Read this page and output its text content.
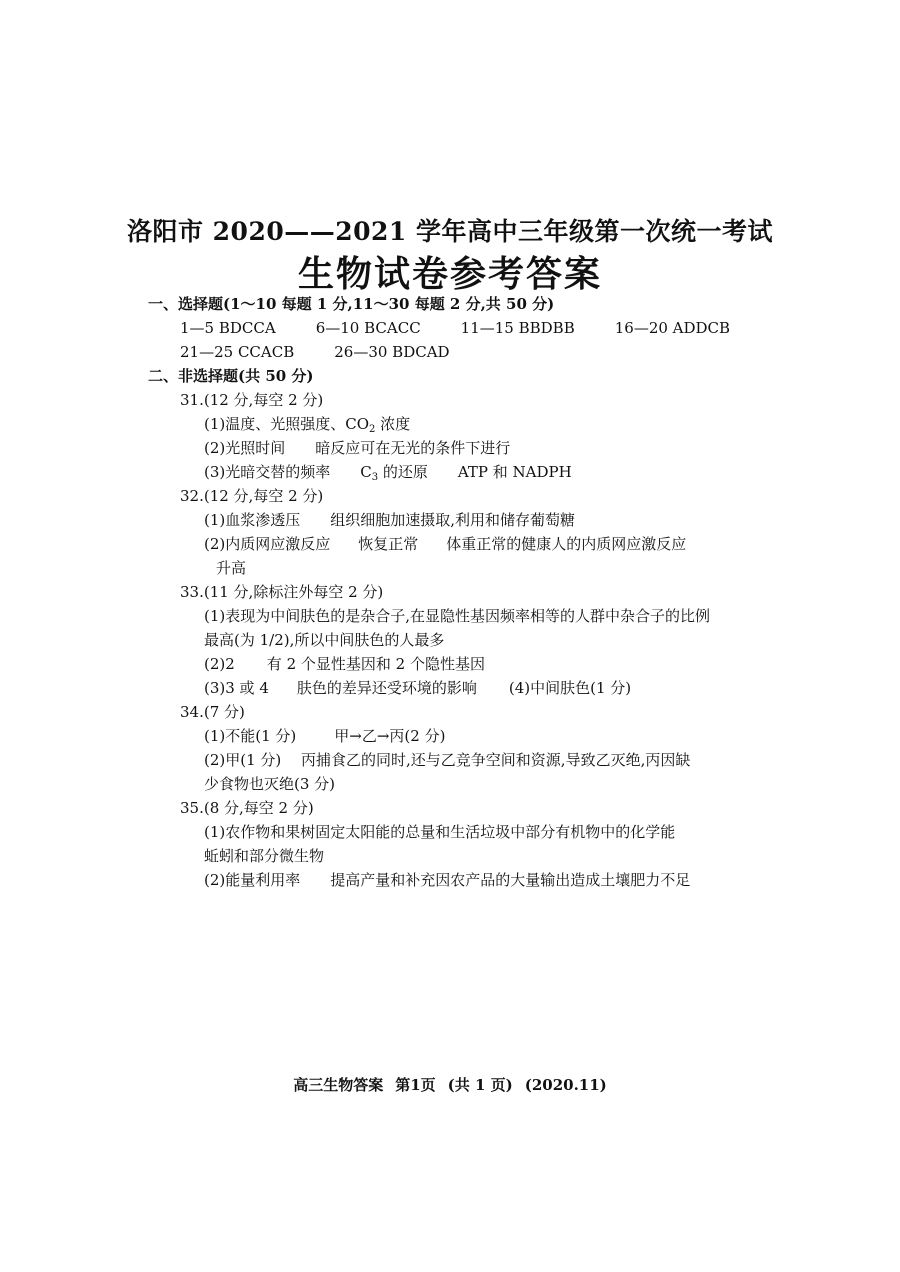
洛阳市 2020——2021 学年高中三年级第一次统一考试
生物试卷参考答案
一、选择题(1～10 每题 1 分,11～30 每题 2 分,共 50 分)
1—5 BDCCA	6—10 BCACC	11—15 BBDBB	16—20 ADDCB
21—25 CCACB	26—30 BDCAD
二、非选择题(共 50 分)
31.(12 分,每空 2 分)
(1)温度、光照强度、$CO_2$ 浓度
(2)光照时间 暗反应可在无光的条件下进行
(3)光暗交替的频率 $C_3$ 的还原 ATP 和 NADPH
32.(12 分,每空 2 分)
(1)血浆渗透压 组织细胞加速摄取,利用和储存葡萄糖
(2)内质网应激反应 恢复正常 体重正常的健康人的内质网应激反应
升高
33.(11 分,除标注外每空 2 分)
(1)表现为中间肤色的是杂合子,在显隐性基因频率相等的人群中杂合子的比例
最高(为 1/2),所以中间肤色的人最多
(2)2 有 2 个显性基因和 2 个隐性基因
(3)3 或 4 肤色的差异还受环境的影响 (4)中间肤色(1 分)
34.(7 分)
(1)不能(1 分)	甲→乙→丙(2 分)
(2)甲(1 分)　 丙捕食乙的同时,还与乙竞争空间和资源,导致乙灭绝,丙因缺
少食物也灭绝(3 分)
35.(8 分,每空 2 分)
(1)农作物和果树固定太阳能的总量和生活垃圾中部分有机物中的化学能
蚯蚓和部分微生物
(2)能量利用率 提高产量和补充因农产品的大量输出造成土壤肥力不足
高三生物答案 第1页 (共 1 页) (2020.11)
